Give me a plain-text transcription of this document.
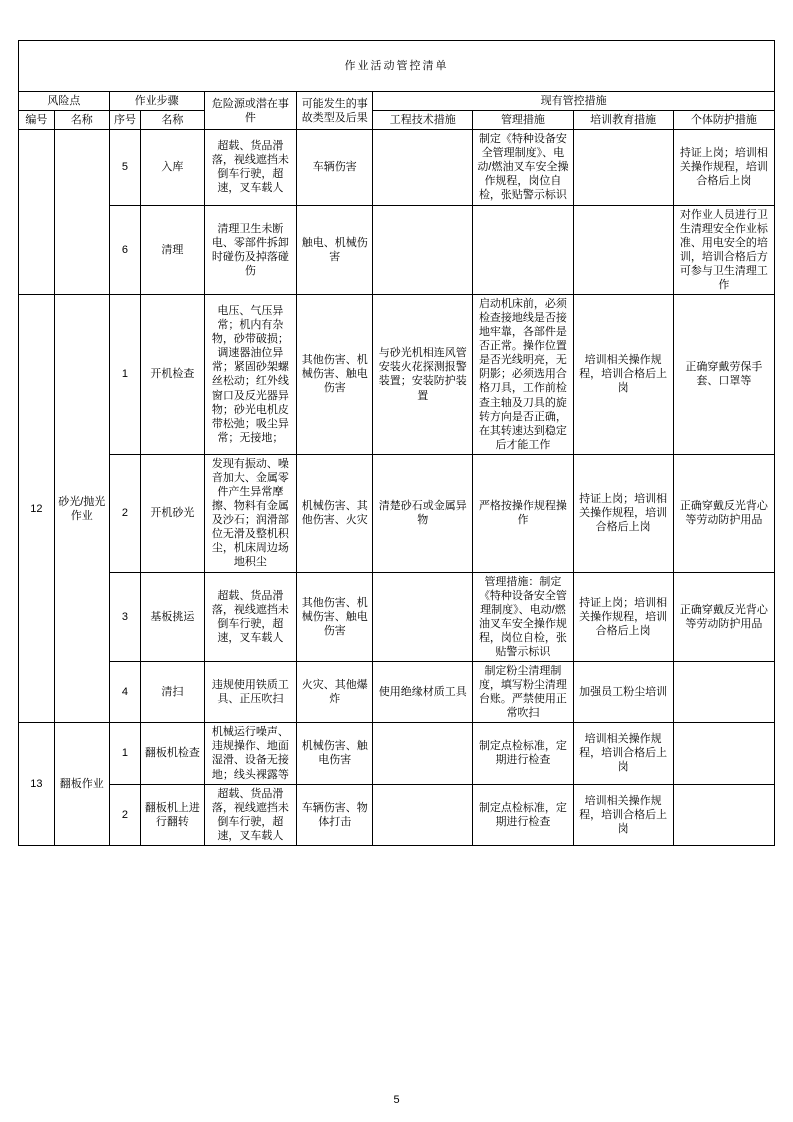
作业活动管控清单									
风险点		作业步骤		危险源或潜在事件	可能发生的事故类型及后果	现有管控措施			
编号	名称	序号	名称			工程技术措施	管理措施	培训教育措施	个体防护措施
		5	入库	超载、货品滑落，视线遮挡未倒车行驶，超速，叉车载人	车辆伤害		制定《特种设备安全管理制度》、电动/燃油叉车安全操作规程，岗位自检，张贴警示标识		持证上岗；培训相关操作规程，培训合格后上岗
		6	清理	清理卫生未断电、零部件拆卸时碰伤及掉落碰伤	触电、机械伤害				对作业人员进行卫生清理安全作业标准、用电安全的培训，培训合格后方可参与卫生清理工作
12	砂光/抛光作业	1	开机检查	电压、气压异常；机内有杂物，砂带破损；调速器油位异常；紧固砂架螺丝松动；红外线窗口及反光器异物；砂光电机皮带松弛；吸尘异常；无接地；	其他伤害、机械伤害、触电伤害	与砂光机相连风管安装火花探测报警装置；安装防护装置	启动机床前，必须检查接地线是否接地牢靠，各部件是否正常。操作位置是否光线明亮，无阴影；必须选用合格刀具，工作前检查主轴及刀具的旋转方向是否正确，在其转速达到稳定后才能工作	培训相关操作规程，培训合格后上岗	正确穿戴劳保手套、口罩等
		2	开机砂光	发现有振动、噪音加大、金属零件产生异常摩擦、物料有金属及沙石；润滑部位无滑及整机积尘，机床周边场地积尘	机械伤害、其他伤害、火灾	清楚砂石或金属异物	严格按操作规程操作	持证上岗；培训相关操作规程，培训合格后上岗	正确穿戴反光背心等劳动防护用品
		3	基板挑运	超载、货品滑落，视线遮挡未倒车行驶，超速，叉车载人	其他伤害、机械伤害、触电伤害		管理措施：制定《特种设备安全管理制度》、电动/燃油叉车安全操作规程，岗位自检，张贴警示标识	持证上岗；培训相关操作规程，培训合格后上岗	正确穿戴反光背心等劳动防护用品
		4	清扫	违规使用铁质工具、正压吹扫	火灾、其他爆炸	使用绝缘材质工具	制定粉尘清理制度，填写粉尘清理台账。严禁使用正常吹扫	加强员工粉尘培训	
13	翻板作业	1	翻板机检查	机械运行噪声、违规操作、地面湿滑、设备无接地；线头裸露等	机械伤害、触电伤害		制定点检标准，定期进行检查	培训相关操作规程，培训合格后上岗	
		2	翻板机上进行翻转	超载、货品滑落，视线遮挡未倒车行驶，超速，叉车载人	车辆伤害、物体打击		制定点检标准，定期进行检查	培训相关操作规程，培训合格后上岗	
5
